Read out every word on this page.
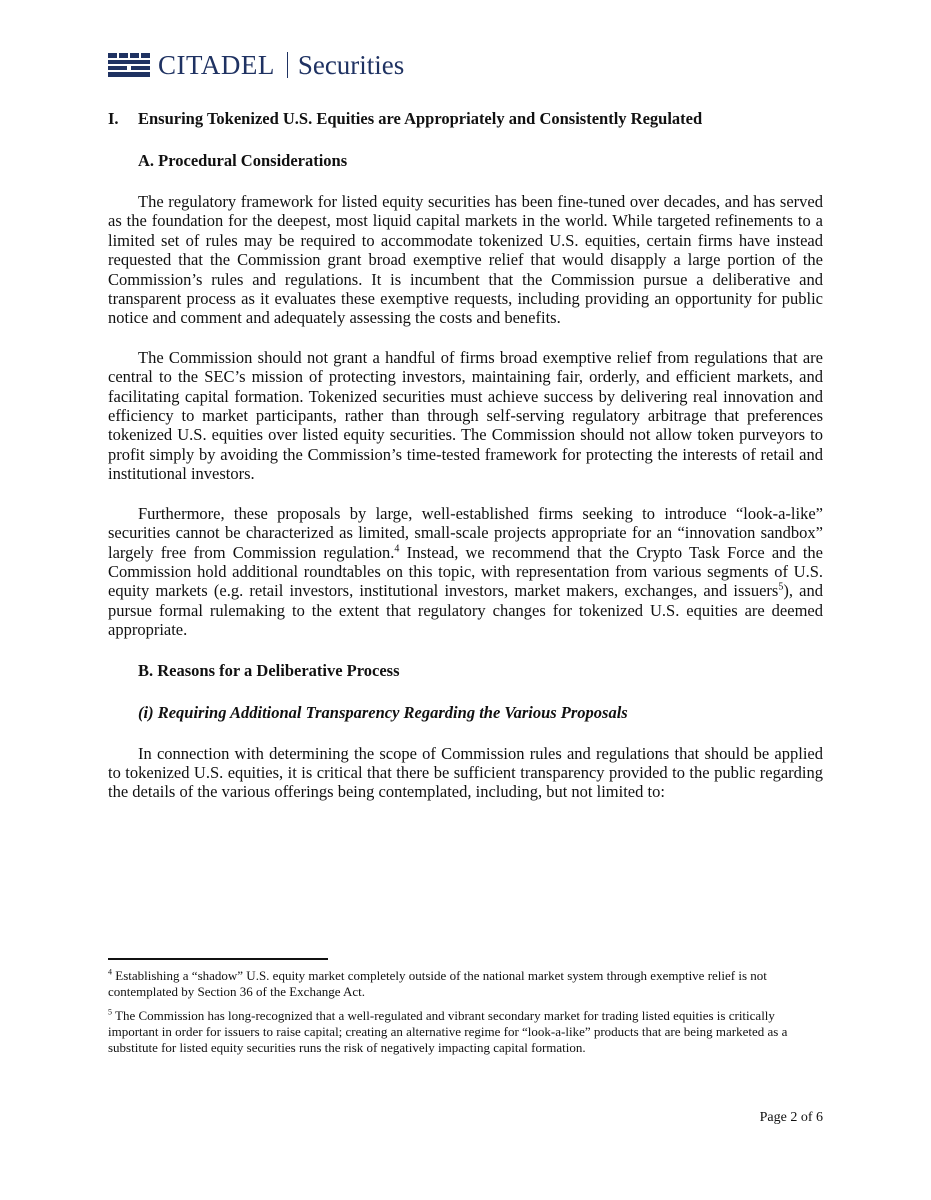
CITADEL Securities
I.	Ensuring Tokenized U.S. Equities are Appropriately and Consistently Regulated
A. Procedural Considerations

The regulatory framework for listed equity securities has been fine-tuned over decades, and has served as the foundation for the deepest, most liquid capital markets in the world. While targeted refinements to a limited set of rules may be required to accommodate tokenized U.S. equities, certain firms have instead requested that the Commission grant broad exemptive relief that would disapply a large portion of the Commission’s rules and regulations. It is incumbent that the Commission pursue a deliberative and transparent process as it evaluates these exemptive requests, including providing an opportunity for public notice and comment and adequately assessing the costs and benefits.

The Commission should not grant a handful of firms broad exemptive relief from regulations that are central to the SEC’s mission of protecting investors, maintaining fair, orderly, and efficient markets, and facilitating capital formation. Tokenized securities must achieve success by delivering real innovation and efficiency to market participants, rather than through self-serving regulatory arbitrage that preferences tokenized U.S. equities over listed equity securities. The Commission should not allow token purveyors to profit simply by avoiding the Commission’s time-tested framework for protecting the interests of retail and institutional investors.

Furthermore, these proposals by large, well-established firms seeking to introduce “look-a-like” securities cannot be characterized as limited, small-scale projects appropriate for an “innovation sandbox” largely free from Commission regulation.$^4$ Instead, we recommend that the Crypto Task Force and the Commission hold additional roundtables on this topic, with representation from various segments of U.S. equity markets (e.g. retail investors, institutional investors, market makers, exchanges, and issuers$^5$), and pursue formal rulemaking to the extent that regulatory changes for tokenized U.S. equities are deemed appropriate.

B. Reasons for a Deliberative Process
(i) Requiring Additional Transparency Regarding the Various Proposals

In connection with determining the scope of Commission rules and regulations that should be applied to tokenized U.S. equities, it is critical that there be sufficient transparency provided to the public regarding the details of the various offerings being contemplated, including, but not limited to:

$^4$ Establishing a “shadow” U.S. equity market completely outside of the national market system through exemptive relief is not contemplated by Section 36 of the Exchange Act.

$^5$ The Commission has long-recognized that a well-regulated and vibrant secondary market for trading listed equities is critically important in order for issuers to raise capital; creating an alternative regime for “look-a-like” products that are being marketed as a substitute for listed equity securities runs the risk of negatively impacting capital formation.

Page 2 of 6
